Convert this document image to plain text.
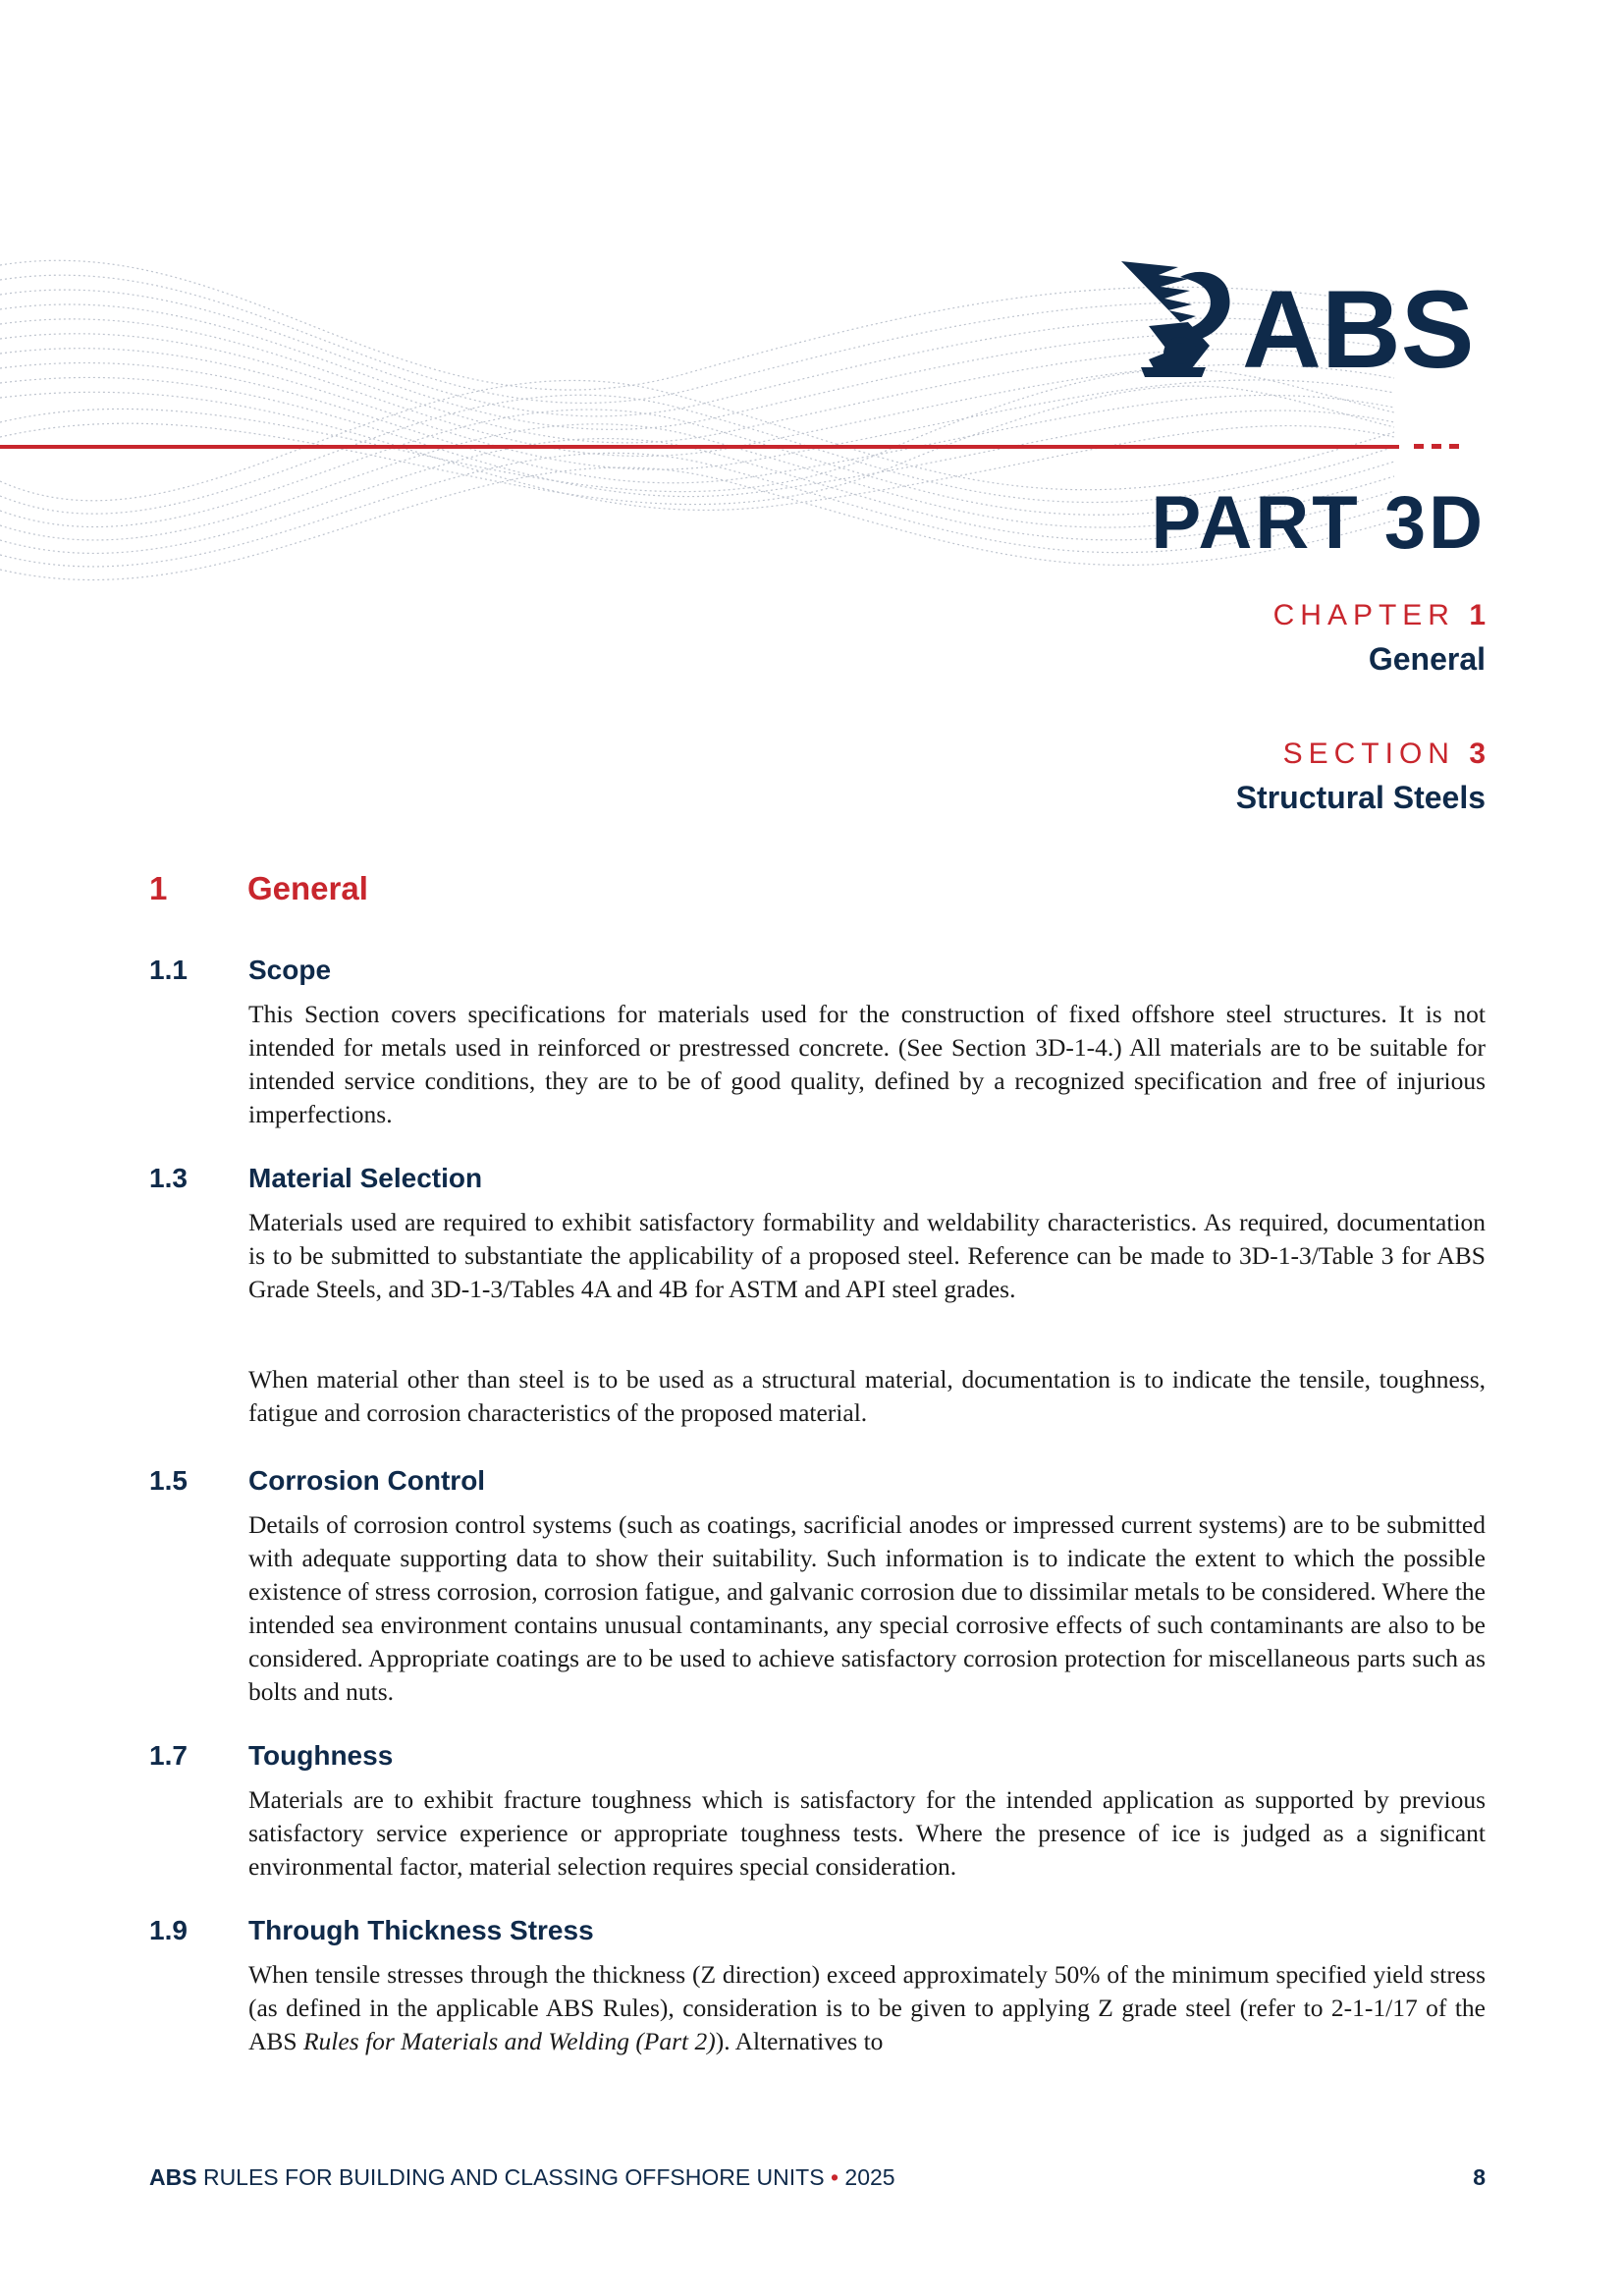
ABS
PART 3D
CHAPTER 1
General
SECTION 3
Structural Steels
1 General
1.1 Scope
This Section covers specifications for materials used for the construction of fixed offshore steel structures. It is not intended for metals used in reinforced or prestressed concrete. (See Section 3D-1-4.) All materials are to be suitable for intended service conditions, they are to be of good quality, defined by a recognized specification and free of injurious imperfections.
1.3 Material Selection
Materials used are required to exhibit satisfactory formability and weldability characteristics. As required, documentation is to be submitted to substantiate the applicability of a proposed steel. Reference can be made to 3D-1-3/Table 3 for ABS Grade Steels, and 3D-1-3/Tables 4A and 4B for ASTM and API steel grades.
When material other than steel is to be used as a structural material, documentation is to indicate the tensile, toughness, fatigue and corrosion characteristics of the proposed material.
1.5 Corrosion Control
Details of corrosion control systems (such as coatings, sacrificial anodes or impressed current systems) are to be submitted with adequate supporting data to show their suitability. Such information is to indicate the extent to which the possible existence of stress corrosion, corrosion fatigue, and galvanic corrosion due to dissimilar metals to be considered. Where the intended sea environment contains unusual contaminants, any special corrosive effects of such contaminants are also to be considered. Appropriate coatings are to be used to achieve satisfactory corrosion protection for miscellaneous parts such as bolts and nuts.
1.7 Toughness
Materials are to exhibit fracture toughness which is satisfactory for the intended application as supported by previous satisfactory service experience or appropriate toughness tests. Where the presence of ice is judged as a significant environmental factor, material selection requires special consideration.
1.9 Through Thickness Stress
When tensile stresses through the thickness (Z direction) exceed approximately 50% of the minimum specified yield stress (as defined in the applicable ABS Rules), consideration is to be given to applying Z grade steel (refer to 2-1-1/17 of the ABS Rules for Materials and Welding (Part 2)). Alternatives to
ABS RULES FOR BUILDING AND CLASSING OFFSHORE UNITS • 2025	8
